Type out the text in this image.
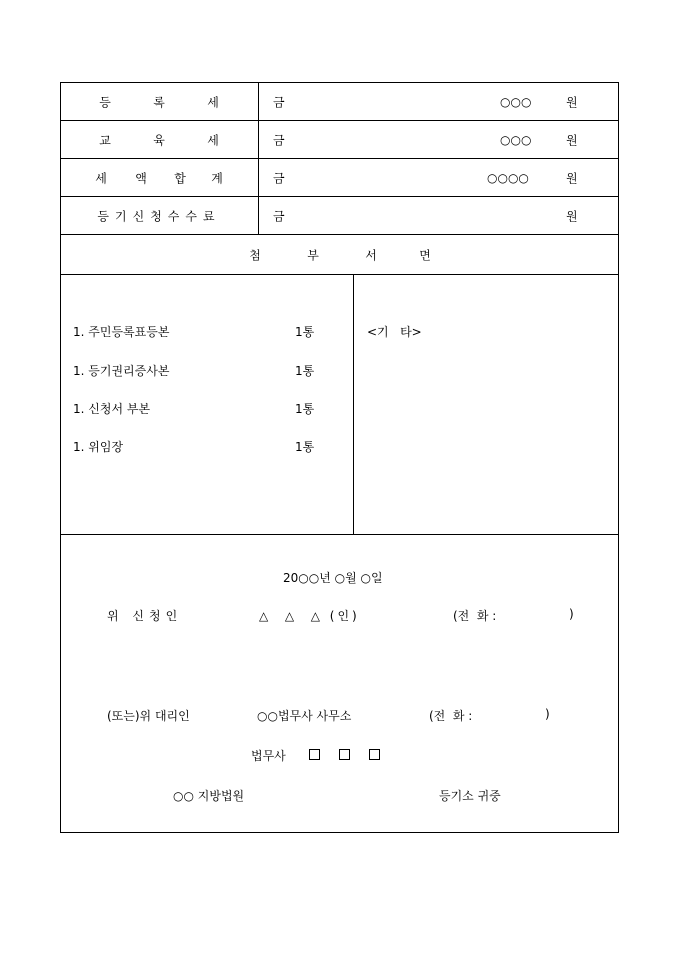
등	록	세	금	○○○	원
교	육	세	금	○○○	원
세 액 합 계	금	○○○○	원
등기신청수수료	금	원
첨	부	서	면
1. 주민등록표등본	1통
1. 등기권리증사본	1통
1. 신청서 부본	1통
1. 위임장	1통
<기   타>
20○○년 ○월 ○일
위 신청인	△  △  △ (인)	(전  화 :	)
(또는)위 대리인	○○법무사 사무소	(전  화 :	)
법무사
○○ 지방법원	등기소 귀중
